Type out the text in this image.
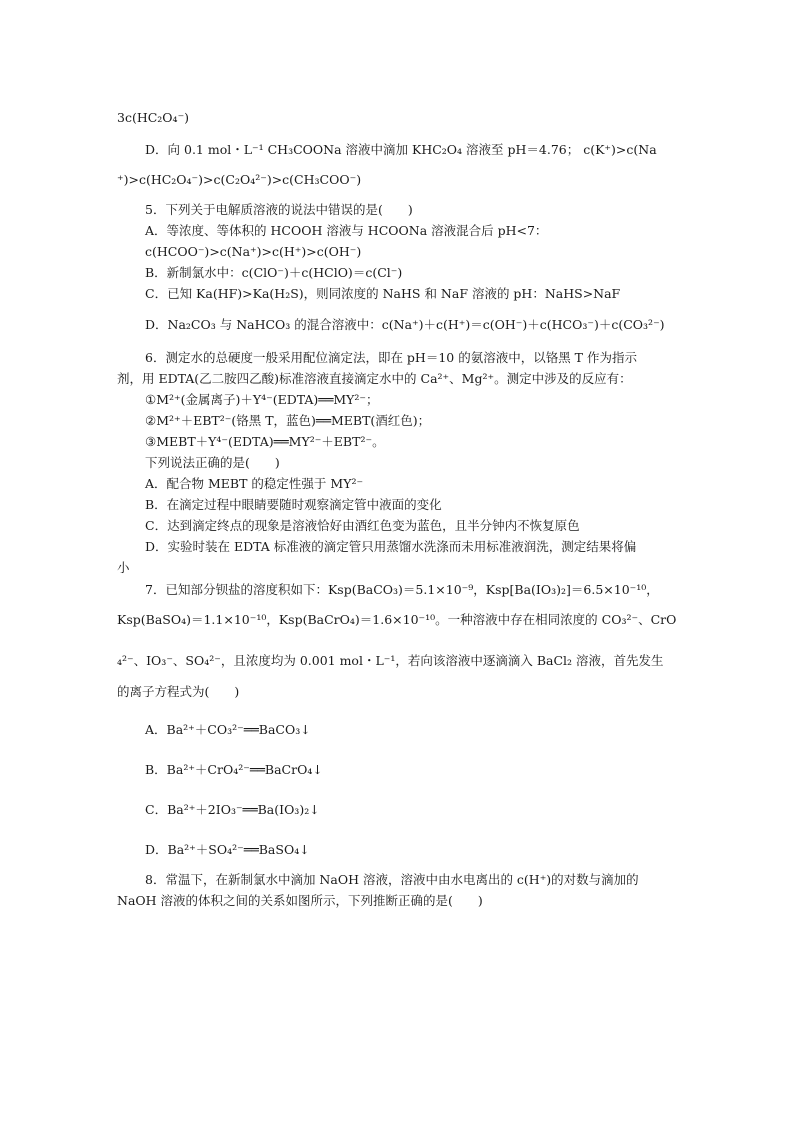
3c(HC₂O₄⁻)
D．向 0.1 mol・L⁻¹ CH₃COONa 溶液中滴加 KHC₂O₄ 溶液至 pH＝4.76； c(K⁺)>c(Na
⁺)>c(HC₂O₄⁻)>c(C₂O₄²⁻)>c(CH₃COO⁻)
5．下列关于电解质溶液的说法中错误的是(　　)
A．等浓度、等体积的 HCOOH 溶液与 HCOONa 溶液混合后 pH<7：
c(HCOO⁻)>c(Na⁺)>c(H⁺)>c(OH⁻)
B．新制氯水中：c(ClO⁻)＋c(HClO)＝c(Cl⁻)
C．已知 Ka(HF)>Ka(H₂S)，则同浓度的 NaHS 和 NaF 溶液的 pH：NaHS>NaF
D．Na₂CO₃ 与 NaHCO₃ 的混合溶液中：c(Na⁺)＋c(H⁺)＝c(OH⁻)＋c(HCO₃⁻)＋c(CO₃²⁻)
6．测定水的总硬度一般采用配位滴定法，即在 pH＝10 的氨溶液中，以铬黑 T 作为指示
剂，用 EDTA(乙二胺四乙酸)标准溶液直接滴定水中的 Ca²⁺、Mg²⁺。测定中涉及的反应有：
①M²⁺(金属离子)＋Y⁴⁻(EDTA)══MY²⁻；
②M²⁺＋EBT²⁻(铬黑 T，蓝色)══MEBT(酒红色)；
③MEBT＋Y⁴⁻(EDTA)══MY²⁻＋EBT²⁻。
下列说法正确的是(　　)
A．配合物 MEBT 的稳定性强于 MY²⁻
B．在滴定过程中眼睛要随时观察滴定管中液面的变化
C．达到滴定终点的现象是溶液恰好由酒红色变为蓝色，且半分钟内不恢复原色
D．实验时装在 EDTA 标准液的滴定管只用蒸馏水洗涤而未用标准液润洗，测定结果将偏
小
7．已知部分钡盐的溶度积如下：Ksp(BaCO₃)＝5.1×10⁻⁹，Ksp[Ba(IO₃)₂]＝6.5×10⁻¹⁰，
Ksp(BaSO₄)＝1.1×10⁻¹⁰，Ksp(BaCrO₄)＝1.6×10⁻¹⁰。一种溶液中存在相同浓度的 CO₃²⁻、CrO
₄²⁻、IO₃⁻、SO₄²⁻，且浓度均为 0.001 mol・L⁻¹，若向该溶液中逐滴滴入 BaCl₂ 溶液，首先发生
的离子方程式为(　　)
A．Ba²⁺＋CO₃²⁻══BaCO₃↓
B．Ba²⁺＋CrO₄²⁻══BaCrO₄↓
C．Ba²⁺＋2IO₃⁻══Ba(IO₃)₂↓
D．Ba²⁺＋SO₄²⁻══BaSO₄↓
8．常温下，在新制氯水中滴加 NaOH 溶液，溶液中由水电离出的 c(H⁺)的对数与滴加的
NaOH 溶液的体积之间的关系如图所示，下列推断正确的是(　　)
